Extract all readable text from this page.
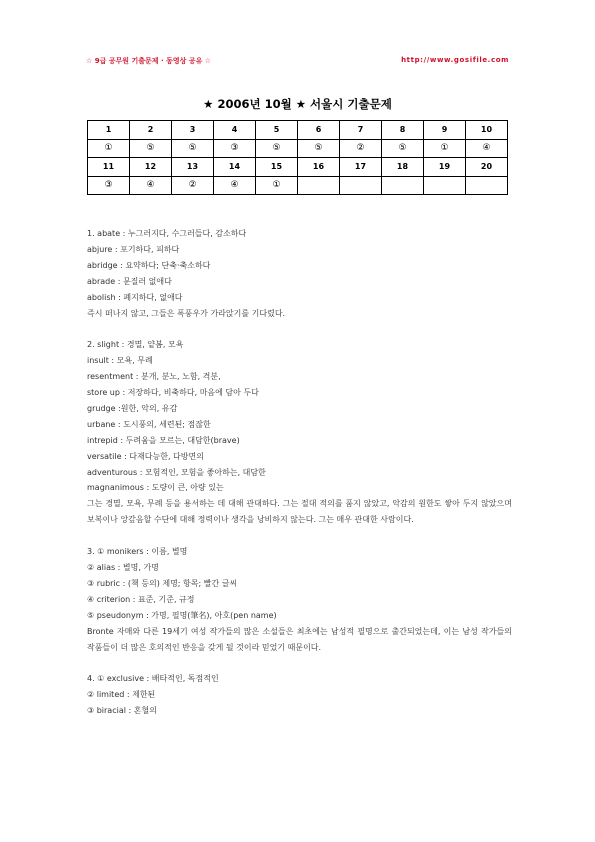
☆ 9급 공무원 기출문제 · 동영상 공유 ☆	http://www.gosifile.com
★ 2006년 10월 ★ 서울시 기출문제
1	2	3	4	5	6	7	8	9	10
①	⑤	⑤	③	⑤	⑤	②	⑤	①	④
11	12	13	14	15	16	17	18	19	20
③	④	②	④	①					

1. abate : 누그러지다, 수그러들다, 감소하다

abjure : 포기하다, 피하다

abridge : 요약하다; 단축·축소하다

abrade : 문질러 없애다

abolish : 폐지하다, 없애다

즉시 떠나지 않고, 그들은 폭풍우가 가라앉기를 기다렸다.

2. slight : 경멸, 얕봄, 모욕

insult : 모욕, 무례

resentment : 분개, 분노, 노함, 격분,

store up : 저장하다, 비축하다, 마음에 담아 두다

grudge :원한, 악의, 유감

urbane : 도시풍의, 세련된; 점잖한

intrepid : 두려움을 모르는, 대담한(brave)

versatile : 다재다능한, 다방면의

adventurous : 모험적인, 모험을 좋아하는, 대담한

magnanimous : 도량이 큰, 아량 있는

그는 경멸, 모욕, 무례 등을 용서하는 데 대해 관대하다. 그는 절대 적의를 품지 않았고, 악감의 원한도 쌓아 두지 않았으며 보복이나 앙갚음할 수단에 대해 정력이나 생각을 낭비하지 않는다. 그는 매우 관대한 사람이다.

3. ① monikers : 이름, 별명

② alias : 별명, 가명

③ rubric : (책 등의) 제명; 항목; 빨간 글씨

④ criterion : 표준, 기준, 규정

⑤ pseudonym : 가명, 필명(筆名), 아호(pen name)

Bronte 자매와 다른 19세기 여성 작가들의 많은 소설들은 최초에는 남성적 필명으로 출간되었는데, 이는 남성 작가들의 작품들이 더 많은 호의적인 반응을 갖게 될 것이라 믿었기 때문이다.

4. ① exclusive : 배타적인, 독점적인

② limited : 제한된

③ biracial : 혼혈의
